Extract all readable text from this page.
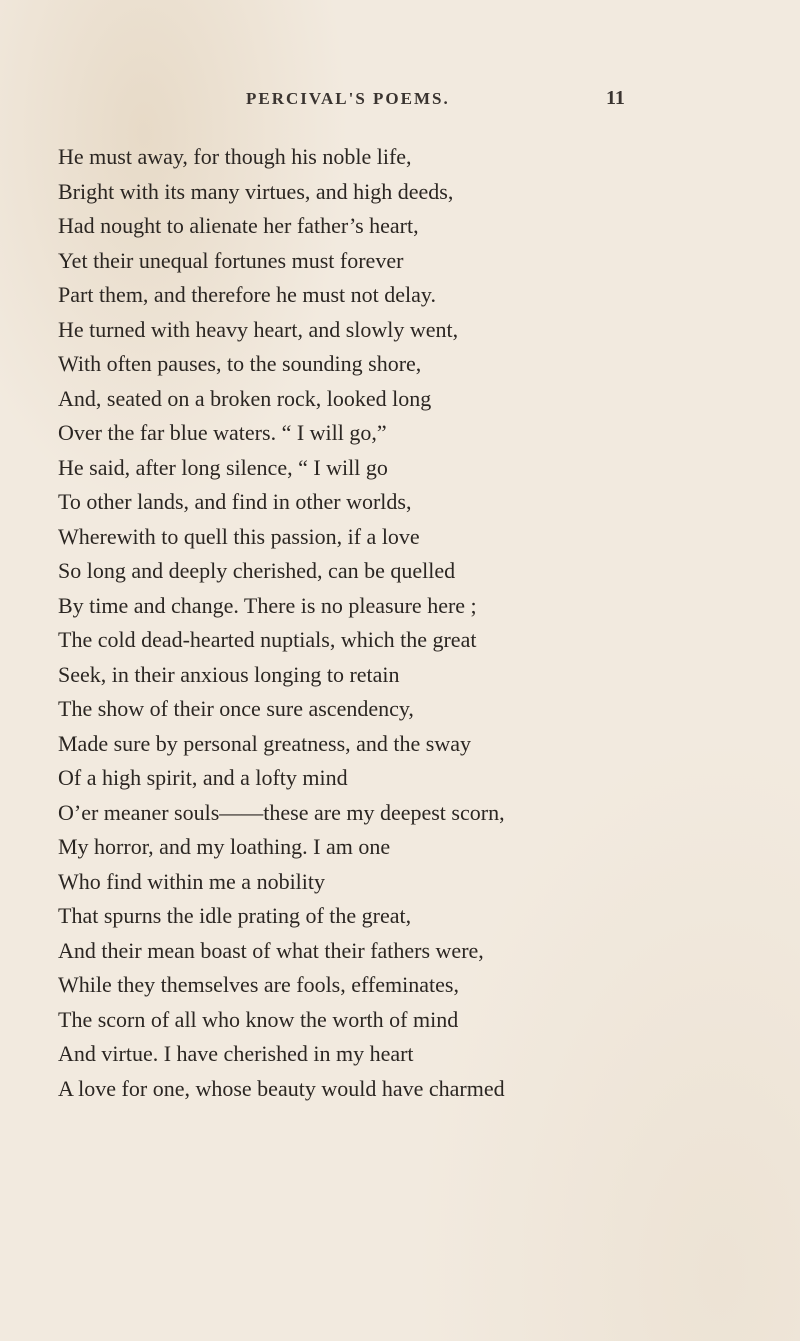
PERCIVAL'S POEMS.	11
He must away, for though his noble life,
Bright with its many virtues, and high deeds,
Had nought to alienate her father’s heart,
Yet their unequal fortunes must forever
Part them, and therefore he must not delay.
He turned with heavy heart, and slowly went,
With often pauses, to the sounding shore,
And, seated on a broken rock, looked long
Over the far blue waters. “ I will go,”
He said, after long silence, “ I will go
To other lands, and find in other worlds,
Wherewith to quell this passion, if a love
So long and deeply cherished, can be quelled
By time and change. There is no pleasure here ;
The cold dead-hearted nuptials, which the great
Seek, in their anxious longing to retain
The show of their once sure ascendency,
Made sure by personal greatness, and the sway
Of a high spirit, and a lofty mind
O’er meaner souls——these are my deepest scorn,
My horror, and my loathing. I am one
Who find within me a nobility
That spurns the idle prating of the great,
And their mean boast of what their fathers were,
While they themselves are fools, effeminates,
The scorn of all who know the worth of mind
And virtue. I have cherished in my heart
A love for one, whose beauty would have charmed
